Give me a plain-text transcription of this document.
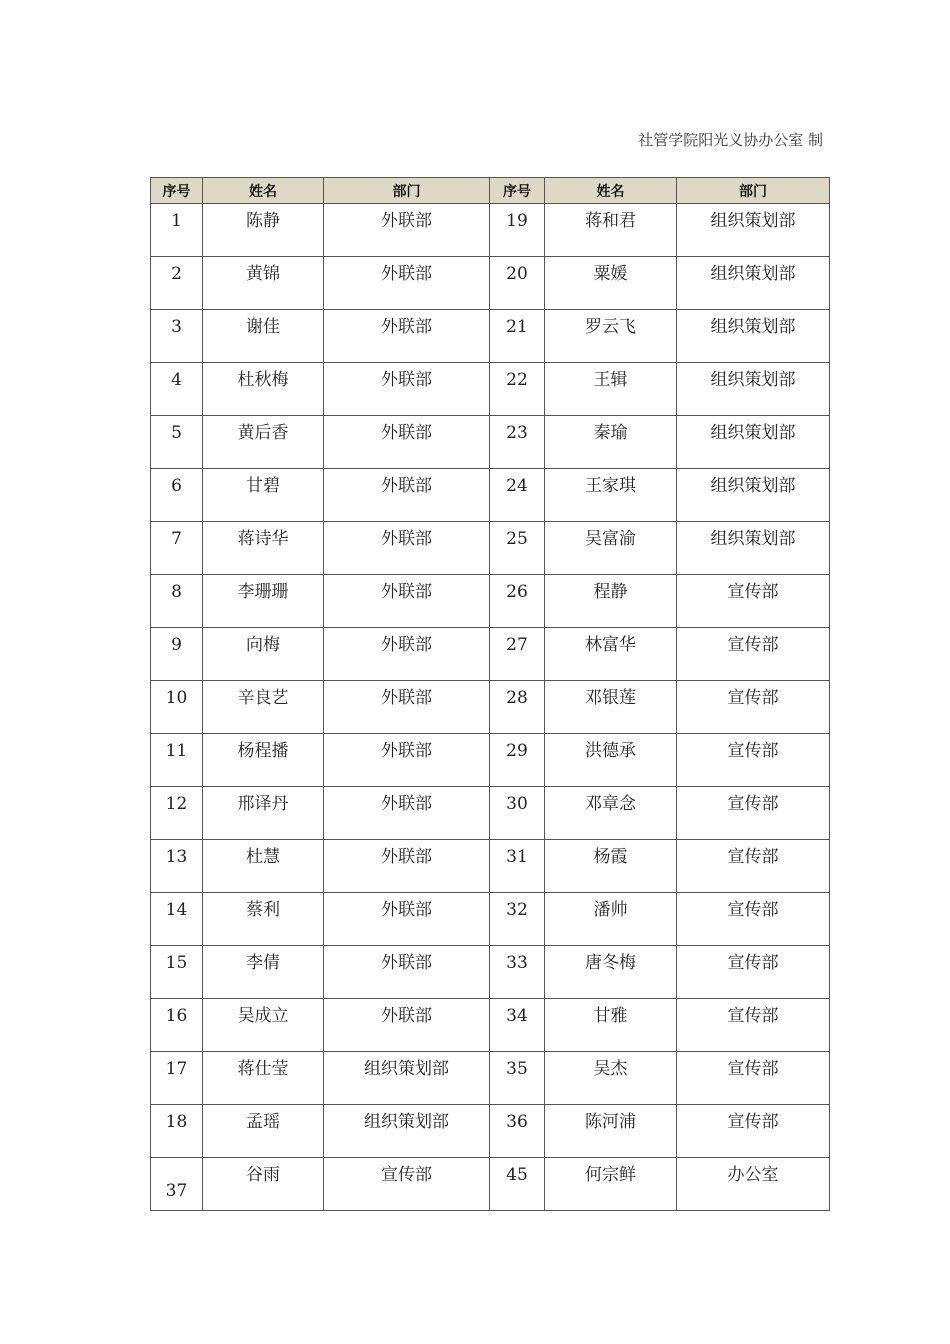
社管学院阳光义协办公室 制
序号	姓名	部门	序号	姓名	部门
1	陈静	外联部	19	蒋和君	组织策划部
2	黄锦	外联部	20	粟媛	组织策划部
3	谢佳	外联部	21	罗云飞	组织策划部
4	杜秋梅	外联部	22	王辑	组织策划部
5	黄后香	外联部	23	秦瑜	组织策划部
6	甘碧	外联部	24	王家琪	组织策划部
7	蒋诗华	外联部	25	吴富渝	组织策划部
8	李珊珊	外联部	26	程静	宣传部
9	向梅	外联部	27	林富华	宣传部
10	辛良艺	外联部	28	邓银莲	宣传部
11	杨程播	外联部	29	洪德承	宣传部
12	邢译丹	外联部	30	邓章念	宣传部
13	杜慧	外联部	31	杨霞	宣传部
14	蔡利	外联部	32	潘帅	宣传部
15	李倩	外联部	33	唐冬梅	宣传部
16	吴成立	外联部	34	甘雅	宣传部
17	蒋仕莹	组织策划部	35	吴杰	宣传部
18	孟瑶	组织策划部	36	陈河浦	宣传部
37	谷雨	宣传部	45	何宗鲜	办公室
